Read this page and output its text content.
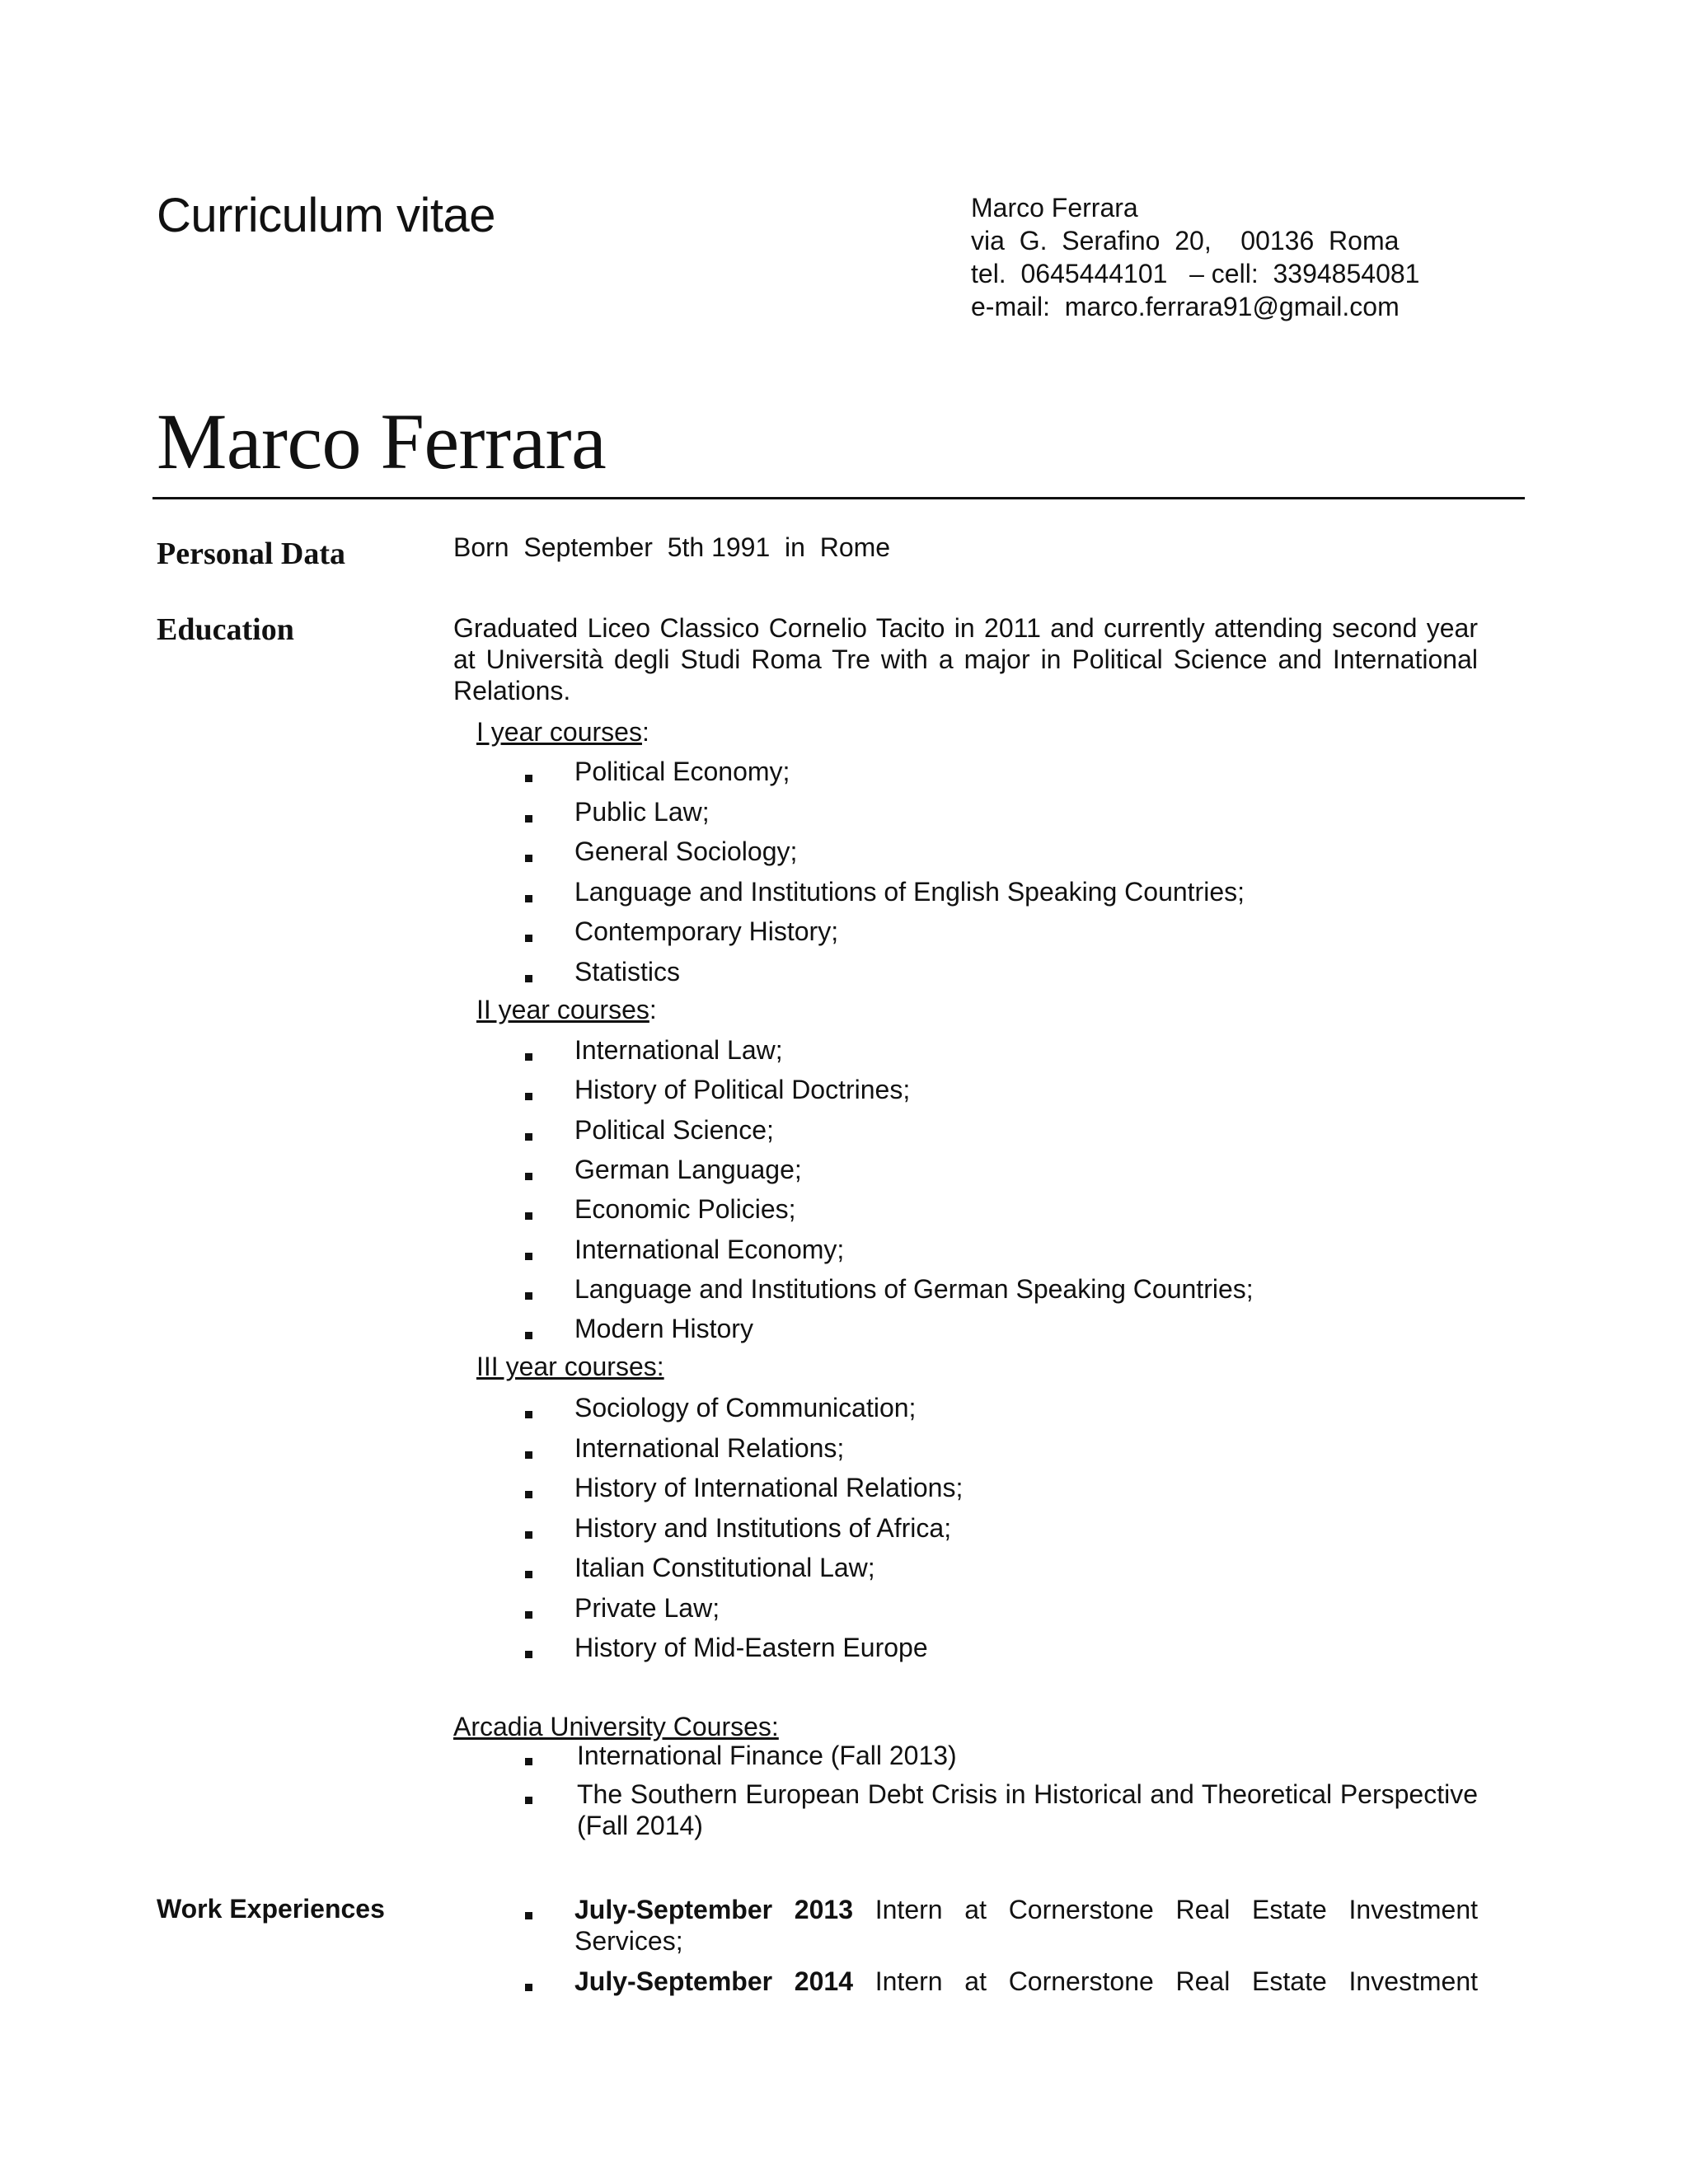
Curriculum vitae	Marco Ferrara
via  G.  Serafino  20,    00136  Roma
tel.  0645444101   – cell:  3394854081
e-mail:  marco.ferrara91@gmail.com
Marco Ferrara
Personal Data	Born  September  5th 1991  in  Rome
Education	Graduated Liceo Classico Cornelio Tacito in 2011 and currently attending second year at Università degli Studi Roma Tre with a major in Political Science and International Relations.
I year courses:
Political Economy;
Public Law;
General Sociology;
Language and Institutions of English Speaking Countries;
Contemporary History;
Statistics
II year courses:
International Law;
History of Political Doctrines;
Political Science;
German Language;
Economic Policies;
International Economy;
Language and Institutions of German Speaking Countries;
Modern History
III year courses:
Sociology of Communication;
International Relations;
History of International Relations;
History and Institutions of Africa;
Italian Constitutional Law;
Private Law;
History of Mid-Eastern Europe
Arcadia University Courses:
International Finance (Fall 2013)
The Southern European Debt Crisis in Historical and Theoretical Perspective (Fall 2014)
Work Experiences	July-September 2013 Intern at Cornerstone Real Estate Investment Services;
July-September 2014 Intern at Cornerstone Real Estate Investment
